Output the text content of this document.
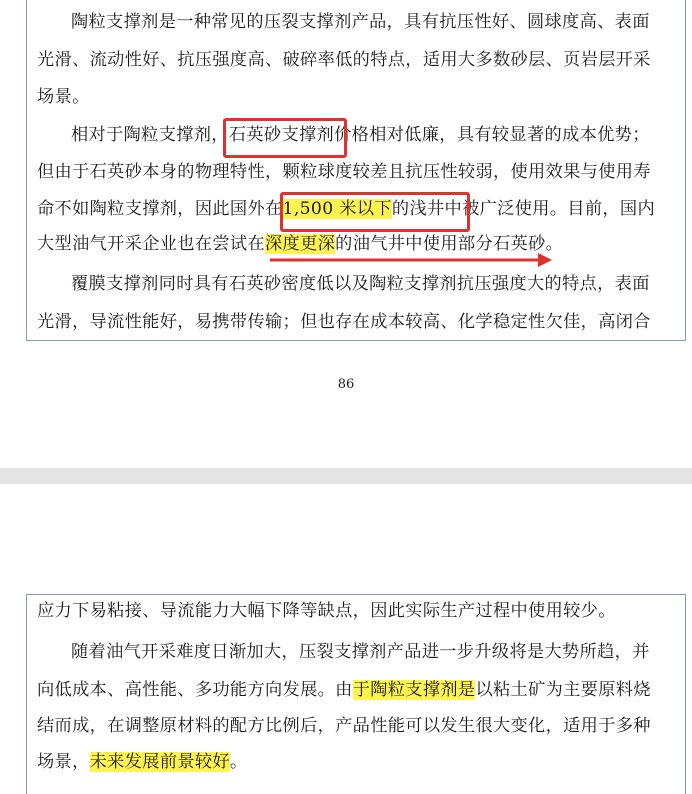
陶粒支撑剂是一种常见的压裂支撑剂产品，具有抗压性好、圆球度高、表面
光滑、流动性好、抗压强度高、破碎率低的特点，适用大多数砂层、页岩层开采
场景。
相对于陶粒支撑剂，石英砂支撑剂价格相对低廉，具有较显著的成本优势；
但由于石英砂本身的物理特性，颗粒球度较差且抗压性较弱，使用效果与使用寿
命不如陶粒支撑剂，因此国外在1,500 米以下的浅井中被广泛使用。目前，国内
大型油气开采企业也在尝试在深度更深的油气井中使用部分石英砂。
覆膜支撑剂同时具有石英砂密度低以及陶粒支撑剂抗压强度大的特点，表面
光滑，导流性能好，易携带传输；但也存在成本较高、化学稳定性欠佳，高闭合
86
应力下易粘接、导流能力大幅下降等缺点，因此实际生产过程中使用较少。
随着油气开采难度日渐加大，压裂支撑剂产品进一步升级将是大势所趋，并
向低成本、高性能、多功能方向发展。由于陶粒支撑剂是以粘土矿为主要原料烧
结而成，在调整原材料的配方比例后，产品性能可以发生很大变化，适用于多种
场景，未来发展前景较好。
